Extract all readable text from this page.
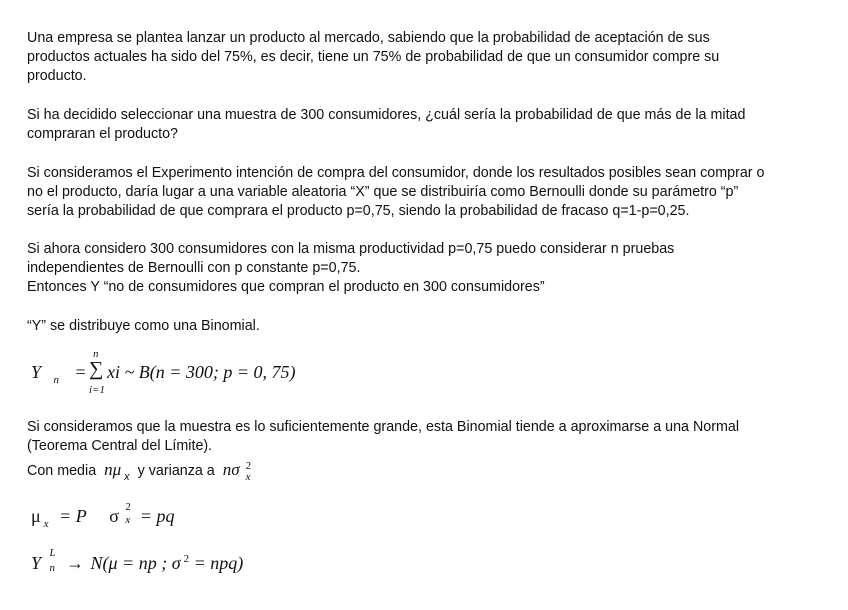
Una empresa se plantea lanzar un producto al mercado, sabiendo que la probabilidad de aceptación de sus
productos actuales ha sido del 75%, es decir, tiene un 75% de probabilidad de que un consumidor compre su
producto.
Si ha decidido seleccionar una muestra de 300 consumidores, ¿cuál sería la probabilidad de que más de la mitad
compraran el producto?
Si consideramos el Experimento intención de compra del consumidor, donde los resultados posibles sean comprar o
no el producto, daría lugar a una variable aleatoria “X” que se distribuiría como Bernoulli donde su parámetro “p”
sería la probabilidad de que comprara el producto p=0,75, siendo la probabilidad de fracaso q=1-p=0,25.
Si ahora considero 300 consumidores con la misma productividad p=0,75 puedo considerar n pruebas
independientes de Bernoulli con p constante p=0,75.
Entonces Y “no de consumidores que compran el producto en 300 consumidores”
“Y” se distribuye como una Binomial.
Y $_n$ =
n
∑
i=1
xi ~ B(n = 300; p = 0, 75)
Si consideramos que la muestra es lo suficientemente grande, esta Binomial tiende a aproximarse a una Normal
(Teorema Central del Límite).
Con media nμ $_x$ y varianza a nσ 2
x
μ $_x$ = P σ 2
x = pq
Y L
n → N(μ = np ; σ $^2$ = npq)
